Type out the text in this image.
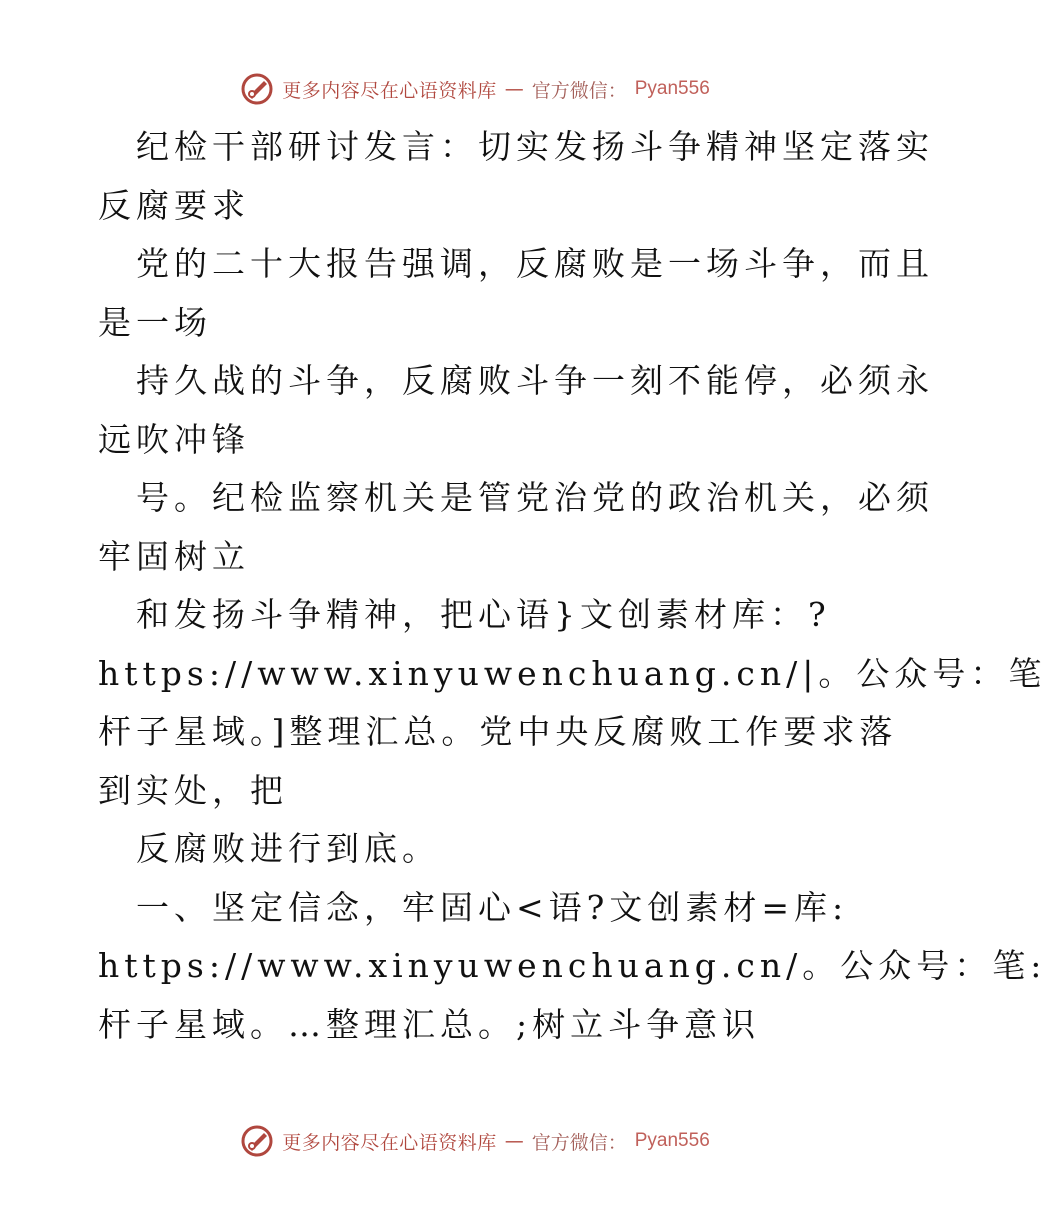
更多内容尽在心语资料库 — 官方微信： Pyan556
纪检干部研讨发言：切实发扬斗争精神坚定落实
反腐要求
党的二十大报告强调，反腐败是一场斗争，而且
是一场
持久战的斗争，反腐败斗争一刻不能停，必须永
远吹冲锋
号。纪检监察机关是管党治党的政治机关，必须
牢固树立
和发扬斗争精神，把心语}文创素材库：?
https://www.xinyuwenchuang.cn/|。公众号：笔
杆子星域。]整理汇总。党中央反腐败工作要求落
到实处，把
反腐败进行到底。
一、坚定信念，牢固心<语?文创素材=库:
https://www.xinyuwenchuang.cn/。公众号：笔:
杆子星域。…整理汇总。;树立斗争意识
更多内容尽在心语资料库 — 官方微信： Pyan556
